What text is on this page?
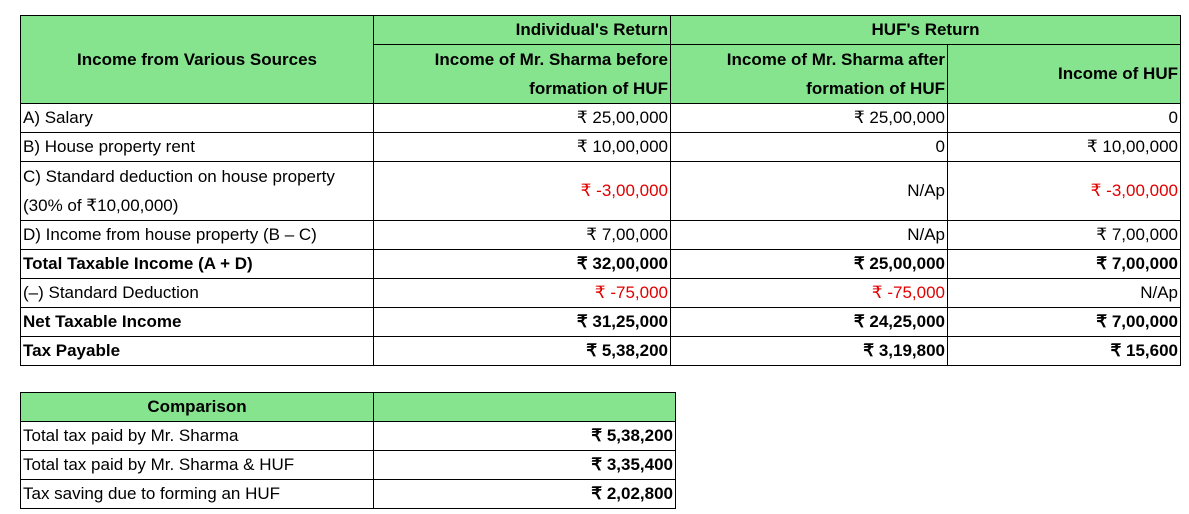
Income from Various Sources	Individual's Return	HUF's Return	
	Income of Mr. Sharma before formation of HUF	Income of Mr. Sharma after formation of HUF	Income of HUF

A) Salary	₹ 25,00,000	₹ 25,00,000	0
B) House property rent	₹ 10,00,000	0	₹ 10,00,000
C) Standard deduction on house property (30% of ₹10,00,000)	₹ -3,00,000	N/Ap	₹ -3,00,000
D) Income from house property (B – C)	₹ 7,00,000	N/Ap	₹ 7,00,000
Total Taxable Income (A + D)	₹ 32,00,000	₹ 25,00,000	₹ 7,00,000
(–) Standard Deduction	₹ -75,000	₹ -75,000	N/Ap
Net Taxable Income	₹ 31,25,000	₹ 24,25,000	₹ 7,00,000
Tax Payable	₹ 5,38,200	₹ 3,19,800	₹ 15,600
Comparison	
Total tax paid by Mr. Sharma	₹ 5,38,200
Total tax paid by Mr. Sharma & HUF	₹ 3,35,400
Tax saving due to forming an HUF	₹ 2,02,800
